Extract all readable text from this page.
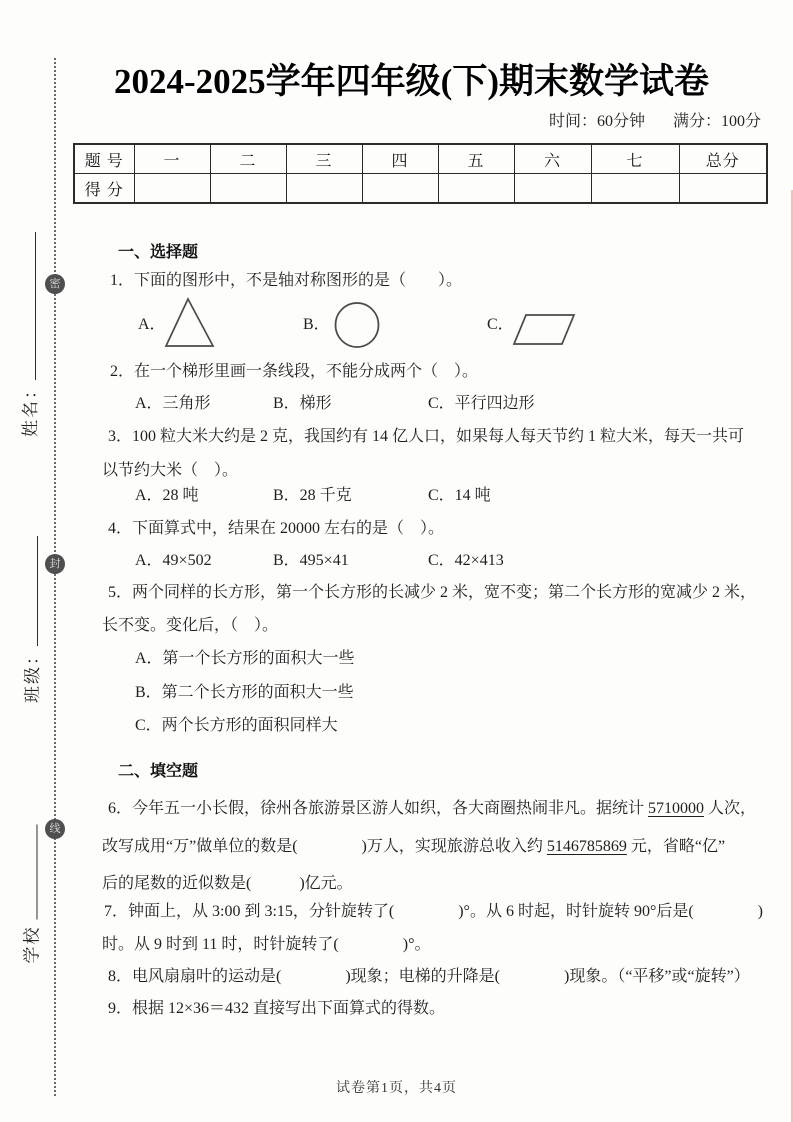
2024-2025学年四年级(下)期末数学试卷
时间：60分钟 满分：100分
题 号	一	二	三	四	五	六	七	总分
得 分								
密
封
线
姓名：
班级：
学校
一、选择题
1．下面的图形中，不是轴对称图形的是（　　）。

A．

	B．

	C．

2．在一个梯形里画一条线段，不能分成两个（　）。

A．三角形

	B．梯形

	C．平行四边形

3．100 粒大米大约是 2 克，我国约有 14 亿人口，如果每人每天节约 1 粒大米，每天一共可
以节约大米（　）。

A．28 吨

	B．28 千克

	C．14 吨

4．下面算式中，结果在 20000 左右的是（　）。

A．49×502

	B．495×41

	C．42×413

5．两个同样的长方形，第一个长方形的长减少 2 米，宽不变；第二个长方形的宽减少 2 米，
长不变。变化后，（　）。
A．第一个长方形的面积大一些
B．第二个长方形的面积大一些
C．两个长方形的面积同样大
二、填空题
6．今年五一小长假，徐州各旅游景区游人如织，各大商圈热闹非凡。据统计 5710000 人次，
改写成用“万”做单位的数是(　　　　)万人，实现旅游总收入约 5146785869 元，省略“亿”
后的尾数的近似数是(　　　)亿元。
7．钟面上，从 3:00 到 3:15，分针旋转了(　　　　)°。从 6 时起，时针旋转 90°后是(　　　　)
时。从 9 时到 11 时，时针旋转了(　　　　)°。
8．电风扇扇叶的运动是(　　　　)现象；电梯的升降是(　　　　)现象。（“平移”或“旋转”）
9．根据 12×36＝432 直接写出下面算式的得数。
试卷第1页，共4页
